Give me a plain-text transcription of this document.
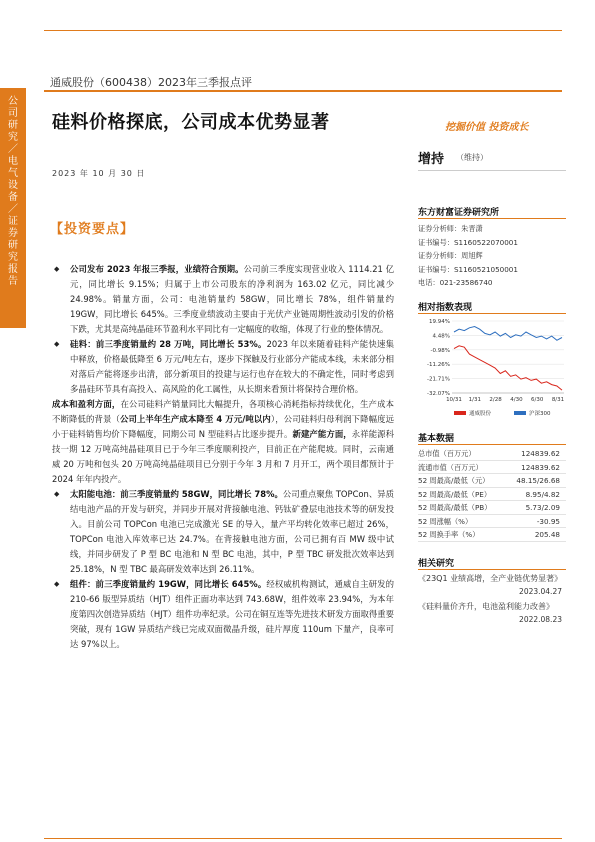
公司研究／电气设备／证券研究报告
通威股份（600438）2023年三季报点评
硅料价格探底，公司成本优势显著	挖掘价值 投资成长
2023 年 10 月 30 日
增持 （维持）
【投资要点】

◆ 公司发布 2023 年报三季报，业绩符合预期。公司前三季度实现营业收入 1114.21 亿元，同比增长 9.15%；归属于上市公司股东的净利润为 163.02 亿元，同比减少 24.98%。销量方面，公司：电池销量约 58GW，同比增长 78%，组件销量约 19GW，同比增长 645%。三季度业绩波动主要由于光伏产业链周期性波动引发的价格下跌，尤其是高纯晶硅环节盈利水平同比有一定幅度的收缩，体现了行业的整体情况。

◆ 硅料：前三季度销量约 28 万吨，同比增长 53%。2023 年以来随着硅料产能快速集中释放，价格最低降至 6 万元/吨左右，逐步下探触及行业部分产能成本线，未来部分相对落后产能将逐步出清，部分新项目的投建与运行也存在较大的不确定性，同时考虑到多晶硅环节具有高投入、高风险的化工属性，从长期来看预计将保持合理价格。

成本和盈利方面，在公司硅料产销量同比大幅提升，各项核心消耗指标持续优化，生产成本不断降低的背景（公司上半年生产成本降至 4 万元/吨以内），公司硅料归母利润下降幅度远小于硅料销售均价下降幅度，同期公司 N 型硅料占比逐步提升。新建产能方面，永祥能源科技一期 12 万吨高纯晶硅项目已于今年三季度顺利投产，目前正在产能爬坡。同时，云南通威 20 万吨和包头 20 万吨高纯晶硅项目已分别于今年 3 月和 7 月开工，两个项目都预计于 2024 年年内投产。

◆ 太阳能电池：前三季度销量约 58GW，同比增长 78%。公司重点聚焦 TOPCon、异质结电池产品的开发与研究，并同步开展对背接触电池、钙钛矿叠层电池技术等的研发投入。目前公司 TOPCon 电池已完成激光 SE 的导入，量产平均转化效率已超过 26%，TOPCon 电池入库效率已达 24.7%。在背接触电池方面，公司已拥有百 MW 级中试线，并同步研发了 P 型 BC 电池和 N 型 BC 电池，其中，P 型 TBC 研发批次效率达到 25.18%，N 型 TBC 最高研发效率达到 26.11%。

◆ 组件：前三季度销量约 19GW，同比增长 645%。经权威机构测试，通威自主研发的 210-66 版型异质结（HJT）组件正面功率达到 743.68W，组件效率 23.94%，为本年度第四次创造异质结（HJT）组件功率纪录。公司在铜互连等先进技术研发方面取得重要突破，现有 1GW 异质结产线已完成双面微晶升级，硅片厚度 110um 下量产，良率可达 97%以上。

东方财富证券研究所
证券分析师：朱晋潇
证书编号：S1160522070001
证券分析师：周旭辉
证书编号：S1160521050001
电话：021-23586740
相对指数表现
19.94%
4.48%
-0.98%
-11.26%
-21.71%
-32.07%
10/31 1/31 2/28 4/30 6/30 8/31
通威股份	沪深300
基本数据
总市值（百万元）	124839.62
流通市值（百万元）	124839.62
52 周最高/最低（元）	48.15/26.68
52 周最高/最低（PE）	8.95/4.82
52 周最高/最低（PB）	5.73/2.09
52 周涨幅（%）	-30.95
52 周换手率（%）	205.48
相关研究
《23Q1 业绩高增，全产业链优势显著》
2023.04.27
《硅料量价齐升，电池盈利能力改善》
2022.08.23
